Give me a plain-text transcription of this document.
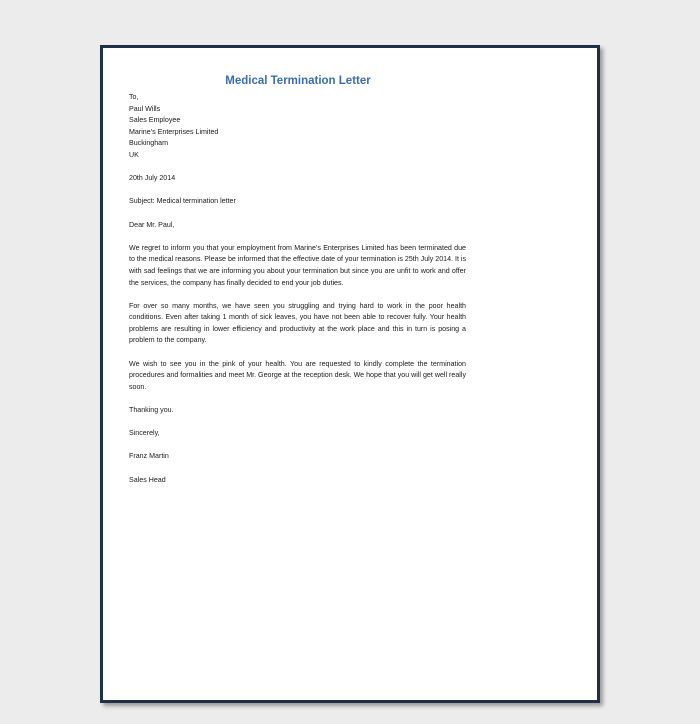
Medical Termination Letter
To,
Paul Wills
Sales Employee
Marine’s Enterprises Limited
Buckingham
UK
20th July 2014
Subject: Medical termination letter
Dear Mr. Paul,

We regret to inform you that your employment from Marine’s Enterprises Limited has been terminated due to the medical reasons. Please be informed that the effective date of your termination is 25th July 2014. It is with sad feelings that we are informing you about your termination but since you are unfit to work and offer the services, the company has finally decided to end your job duties.

For over so many months, we have seen you struggling and trying hard to work in the poor health conditions. Even after taking 1 month of sick leaves, you have not been able to recover fully. Your health problems are resulting in lower efficiency and productivity at the work place and this in turn is posing a problem to the company.

We wish to see you in the pink of your health. You are requested to kindly complete the termination procedures and formalities and meet Mr. George at the reception desk. We hope that you will get well really soon.

Thanking you.
Sincerely,
Franz Martin
Sales Head
